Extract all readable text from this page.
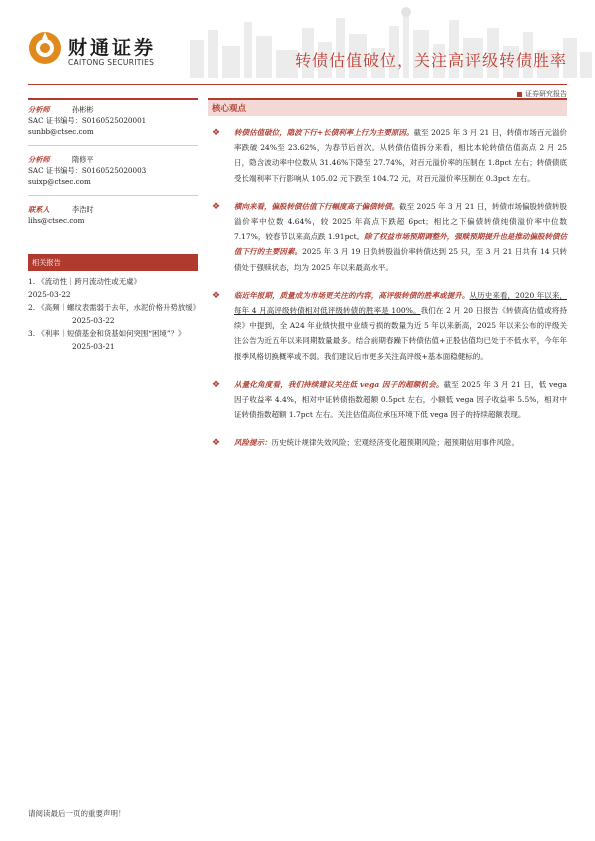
财通证券
CAITONG SECURITIES	转债估值破位，关注高评级转债胜率
证券研究报告
分析师	孙彬彬
SAC 证书编号：S0160525020001
sunbb@ctsec.com
分析师	隋修平
SAC 证书编号：S0160525020003
suixp@ctsec.com
联系人	李浩时
lihs@ctsec.com
相关报告
1. 《流动性｜跨月流动性或无虞》
2025-03-22
2. 《高频｜螺纹表需弱于去年，水泥价格升势放缓》
2025-03-22
3. 《利率｜短债基金和货基如何突围“困境”？》
2025-03-21
核心观点
❖ 转债估值破位，隐波下行+长债利率上行为主要原因。截至 2025 年 3 月 21 日，转债市场百元溢价率跌破 24%至 23.62%，为春节后首次。从转债估值拆分来看，相比本轮转债估值高点 2 月 25 日，隐含波动率中位数从 31.46%下降至 27.74%，对百元溢价率的压制在 1.8pct 左右；转债债底受长端利率下行影响从 105.02 元下跌至 104.72 元，对百元溢价率压制在 0.3pct 左右。
❖ 横向来看，偏股转债估值下行幅度高于偏债转债。截至 2025 年 3 月 21 日，转债市场偏股转债转股溢价率中位数 4.64%，较 2025 年高点下跌超 6pct；相比之下偏债转债纯债溢价率中位数 7.17%，较春节以来高点跌 1.91pct。除了权益市场预期调整外，强赎预期提升也是推动偏股转债估值下行的主要因素。2025 年 3 月 19 日负转股溢价率转债达到 25 只，至 3 月 21 日共有 14 只转债处于强赎状态，均为 2025 年以来最高水平。
❖ 临近年报期，质量成为市场更关注的内容，高评级转债的胜率或提升。从历史来看，2020 年以来，每年 4 月高评级转债相对低评级转债的胜率是 100%。我们在 2 月 20 日报告《转债高估值或将持续》中提到，全 A24 年业绩快报中业绩亏损的数量为近 5 年以来新高，2025 年以来公布的评级关注公告为近五年以来同期数量最多。结合前期春躁下转债估值+正股估值均已处于不低水平，今年年报季风格切换概率或不弱。我们建议后市更多关注高评级+基本面稳健标的。
❖ 从量化角度看，我们持续建议关注低 vega 因子的超额机会。截至 2025 年 3 月 21 日，低 vega 因子收益率 4.4%，相对中证转债指数超额 0.5pct 左右，小额低 vega 因子收益率 5.5%，相对中证转债指数超额 1.7pct 左右。关注估值高位承压环境下低 vega 因子的持续超额表现。
❖ 风险提示：历史统计规律失效风险；宏观经济变化超预期风险；超预期信用事件风险。
请阅读最后一页的重要声明！
